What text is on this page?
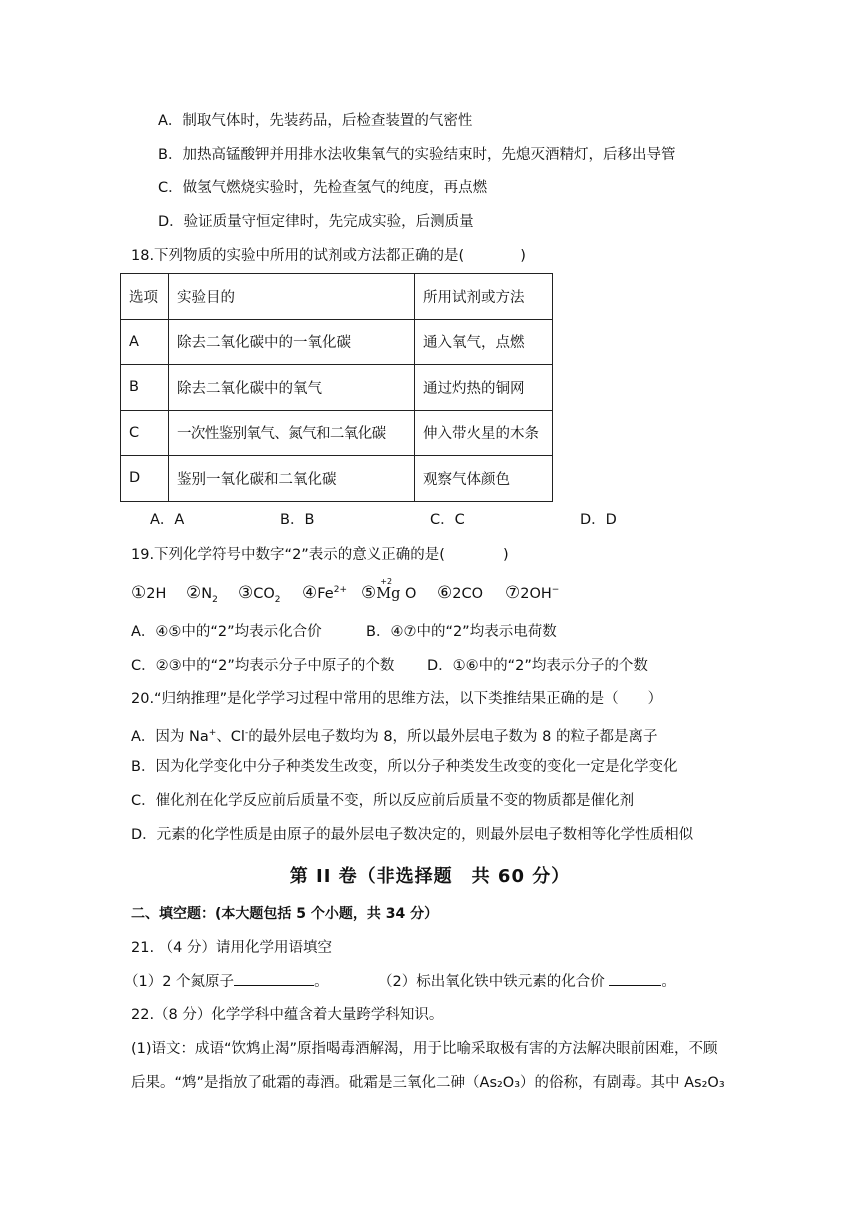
A．制取气体时，先装药品，后检查装置的气密性
B．加热高锰酸钾并用排水法收集氧气的实验结束时，先熄灭酒精灯，后移出导管
C．做氢气燃烧实验时，先检查氢气的纯度，再点燃
D．验证质量守恒定律时，先完成实验，后测质量
18.下列物质的实验中所用的试剂或方法都正确的是(	)
选项	实验目的	所用试剂或方法
A	除去二氧化碳中的一氧化碳	通入氧气，点燃
B	除去二氧化碳中的氧气	通过灼热的铜网
C	一次性鉴别氧气、氮气和二氧化碳	伸入带火星的木条
D	鉴别一氧化碳和二氧化碳	观察气体颜色
A．A	B．B	C．C	D．D
19.下列化学符号中数字“2”表示的意义正确的是(	)
①2H $②N_2$ $③CO_2$ $④Fe^{2+}$ ⑤
+2
Mg O ⑥2CO ⑦2OH−
A．④⑤中的“2”均表示化合价	B．④⑦中的“2”均表示电荷数
C．②③中的“2”均表示分子中原子的个数 D．①⑥中的“2”均表示分子的个数
20.“归纳推理”是化学学习过程中常用的思维方法，以下类推结果正确的是（　　）
A．因为 Na+、Cl-的最外层电子数均为 8，所以最外层电子数为 8 的粒子都是离子
B．因为化学变化中分子种类发生改变，所以分子种类发生改变的变化一定是化学变化
C．催化剂在化学反应前后质量不变，所以反应前后质量不变的物质都是催化剂
D．元素的化学性质是由原子的最外层电子数决定的，则最外层电子数相等化学性质相似
第 II 卷（非选择题　共 60 分）
二、填空题：(本大题包括 5 个小题，共 34 分）
21. （4 分）请用化学用语填空
（1）2 个氮原子	。	（2）标出氧化铁中铁元素的化合价	。
22.（8 分）化学学科中蕴含着大量跨学科知识。
(1)语文：成语“饮鸩止渴”原指喝毒酒解渴，用于比喻采取极有害的方法解决眼前困难，不顾
后果。“鸩”是指放了砒霜的毒酒。砒霜是三氧化二砷（As₂O₃）的俗称，有剧毒。其中 As₂O₃
